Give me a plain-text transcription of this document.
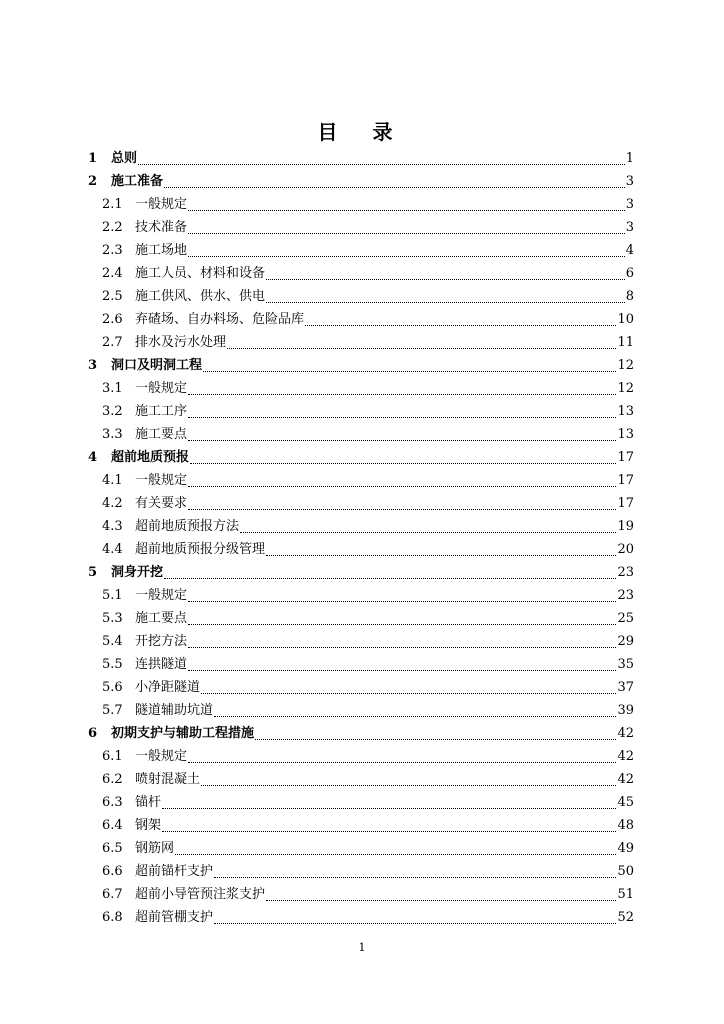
目 录
1	总则	1
2	施工准备	3
2.1 一般规定	3
2.2 技术准备	3
2.3 施工场地	4
2.4 施工人员、材料和设备	6
2.5 施工供风、供水、供电	8
2.6 弃碴场、自办料场、危险品库	10
2.7 排水及污水处理	11
3	洞口及明洞工程	12
3.1 一般规定	12
3.2 施工工序	13
3.3 施工要点	13
4	超前地质预报	17
4.1 一般规定	17
4.2 有关要求	17
4.3 超前地质预报方法	19
4.4 超前地质预报分级管理	20
5	洞身开挖	23
5.1 一般规定	23
5.3 施工要点	25
5.4 开挖方法	29
5.5 连拱隧道	35
5.6 小净距隧道	37
5.7 隧道辅助坑道	39
6	初期支护与辅助工程措施	42
6.1 一般规定	42
6.2 喷射混凝土	42
6.3 锚杆	45
6.4 钢架	48
6.5 钢筋网	49
6.6 超前锚杆支护	50
6.7 超前小导管预注浆支护	51
6.8 超前管棚支护	52
1
